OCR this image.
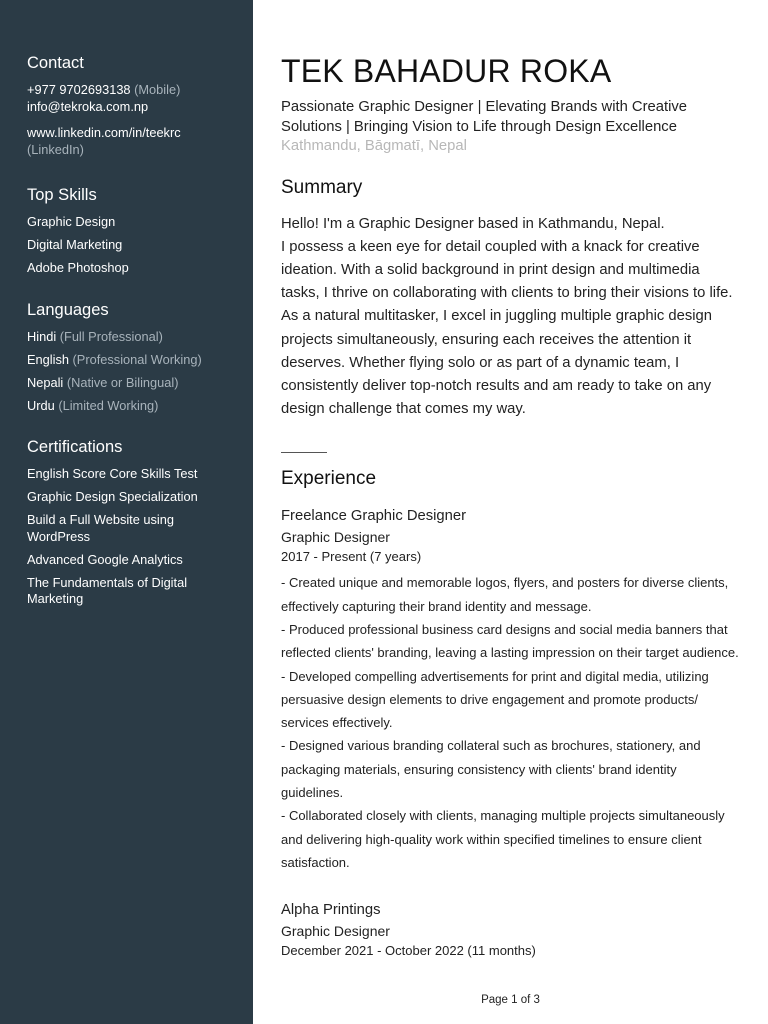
Contact
+977 9702693138 (Mobile)
info@tekroka.com.np
www.linkedin.com/in/teekrc
(LinkedIn)
Top Skills
Graphic Design
Digital Marketing
Adobe Photoshop
Languages
Hindi (Full Professional)
English (Professional Working)
Nepali (Native or Bilingual)
Urdu (Limited Working)
Certifications
English Score Core Skills Test
Graphic Design Specialization
Build a Full Website using WordPress
Advanced Google Analytics
The Fundamentals of Digital Marketing
TEK BAHADUR ROKA
Passionate Graphic Designer | Elevating Brands with Creative Solutions | Bringing Vision to Life through Design Excellence
Kathmandu, Bāgmatī, Nepal
Summary
Hello! I'm a Graphic Designer based in Kathmandu, Nepal.
I possess a keen eye for detail coupled with a knack for creative ideation. With a solid background in print design and multimedia tasks, I thrive on collaborating with clients to bring their visions to life. As a natural multitasker, I excel in juggling multiple graphic design projects simultaneously, ensuring each receives the attention it deserves. Whether flying solo or as part of a dynamic team, I consistently deliver top-notch results and am ready to take on any design challenge that comes my way.
Experience
Freelance Graphic Designer
Graphic Designer
2017 - Present (7 years)
- Created unique and memorable logos, flyers, and posters for diverse clients, effectively capturing their brand identity and message.
- Produced professional business card designs and social media banners that reflected clients' branding, leaving a lasting impression on their target audience.
- Developed compelling advertisements for print and digital media, utilizing persuasive design elements to drive engagement and promote products/ services effectively.
- Designed various branding collateral such as brochures, stationery, and packaging materials, ensuring consistency with clients' brand identity guidelines.
- Collaborated closely with clients, managing multiple projects simultaneously and delivering high-quality work within specified timelines to ensure client satisfaction.
Alpha Printings
Graphic Designer
December 2021 - October 2022 (11 months)
Page 1 of 3
